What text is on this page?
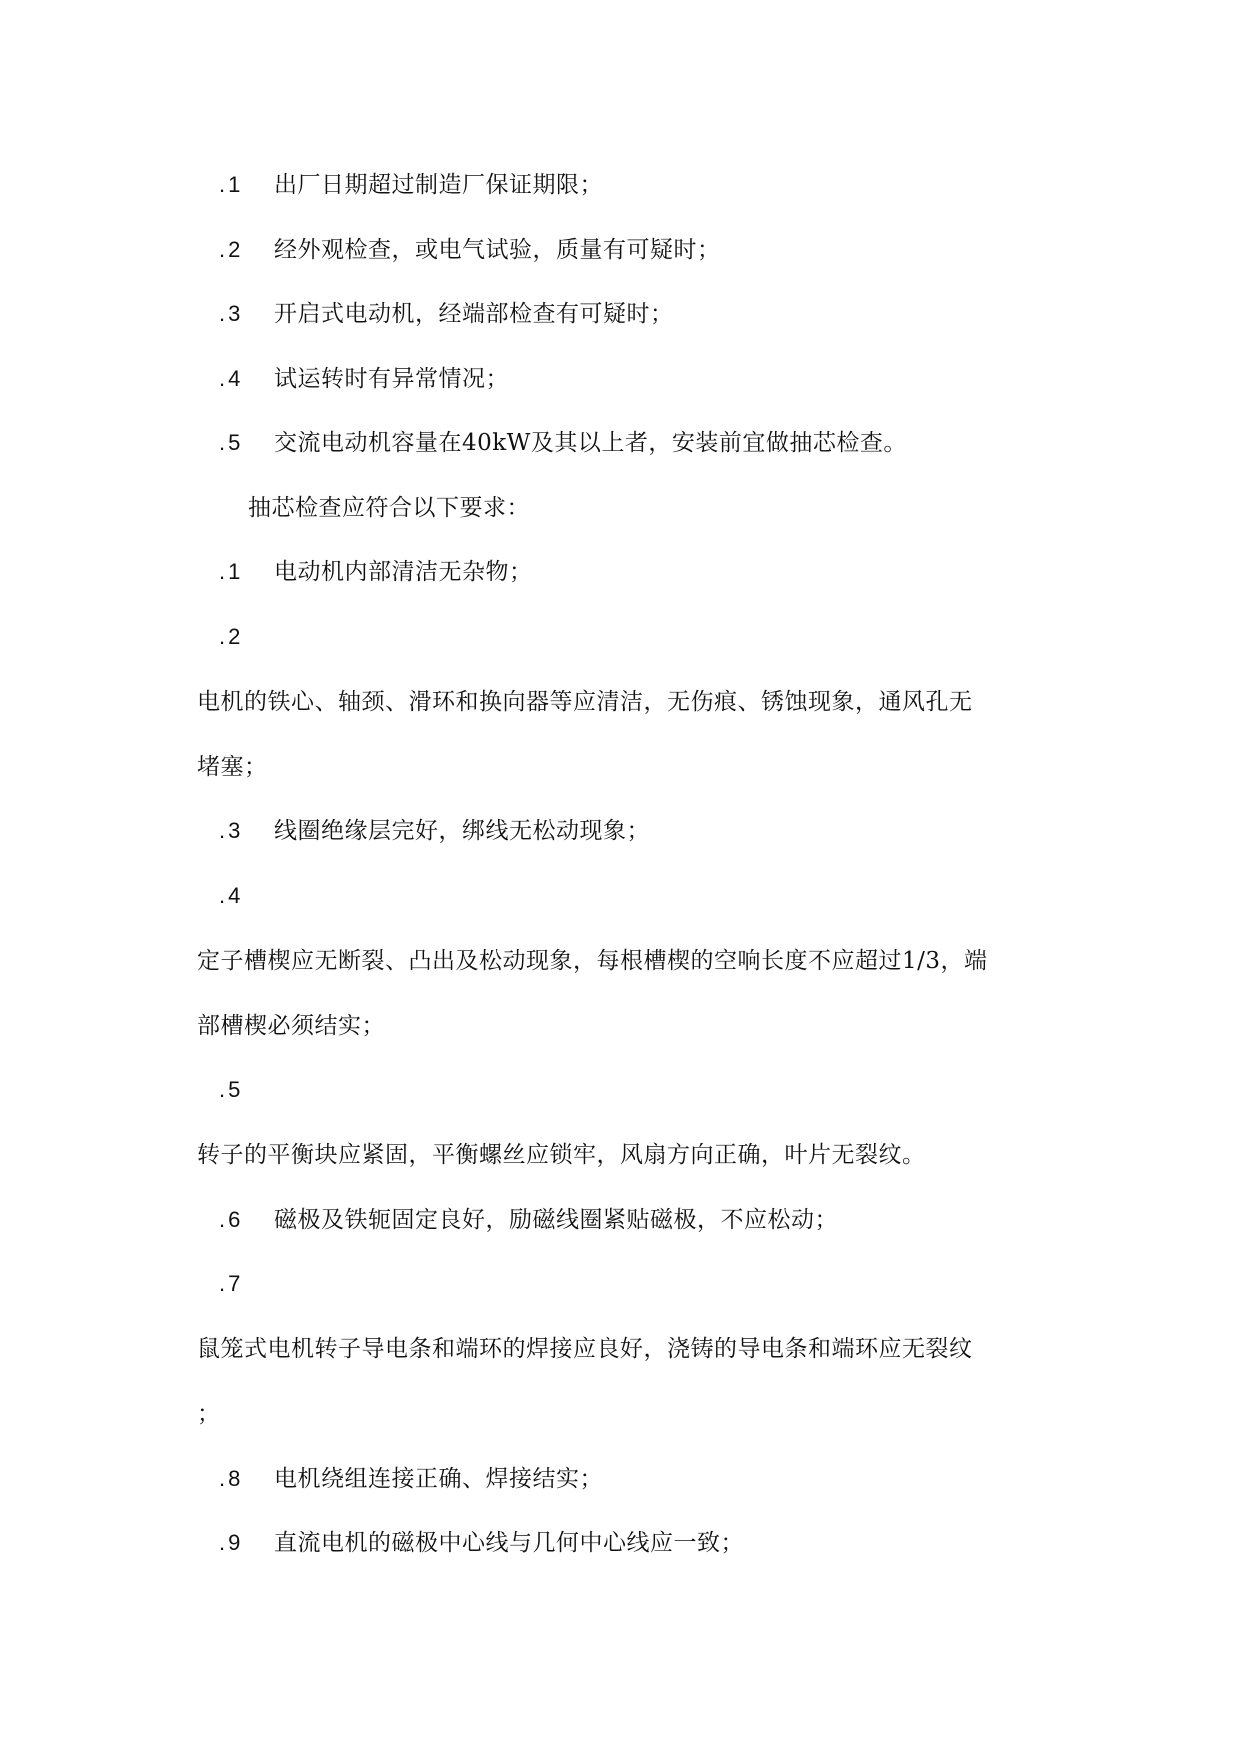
.1 出厂日期超过制造厂保证期限；
.2 经外观检查，或电气试验，质量有可疑时；
.3 开启式电动机，经端部检查有可疑时；
.4 试运转时有异常情况；
.5 交流电动机容量在40kW及其以上者，安装前宜做抽芯检查。
抽芯检查应符合以下要求：
.1 电动机内部清洁无杂物；
.2
电机的铁心、轴颈、滑环和换向器等应清洁，无伤痕、锈蚀现象，通风孔无
堵塞；
.3 线圈绝缘层完好，绑线无松动现象；
.4
定子槽楔应无断裂、凸出及松动现象，每根槽楔的空响长度不应超过1/3，端
部槽楔必须结实；
.5
转子的平衡块应紧固，平衡螺丝应锁牢，风扇方向正确，叶片无裂纹。
.6 磁极及铁轭固定良好，励磁线圈紧贴磁极，不应松动；
.7
鼠笼式电机转子导电条和端环的焊接应良好，浇铸的导电条和端环应无裂纹
；
.8 电机绕组连接正确、焊接结实；
.9 直流电机的磁极中心线与几何中心线应一致；
